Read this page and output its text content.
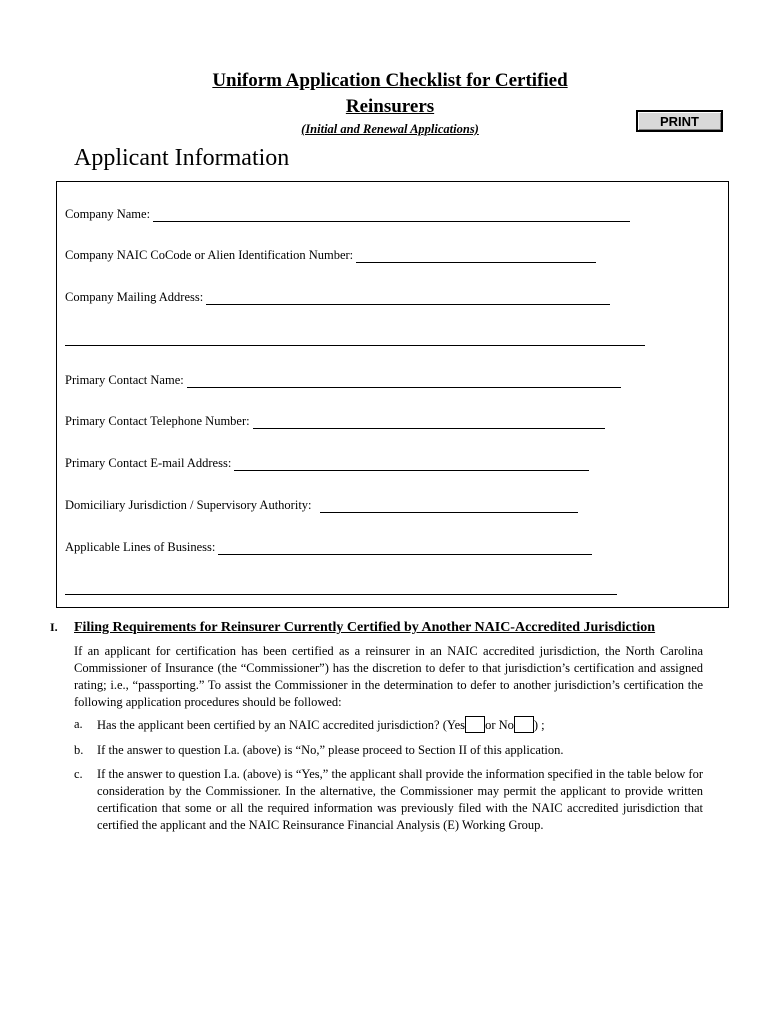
Uniform Application Checklist for Certified
Reinsurers
(Initial and Renewal Applications)
PRINT
Applicant Information
Company Name:
Company NAIC CoCode or Alien Identification Number:
Company Mailing Address:
Primary Contact Name:
Primary Contact Telephone Number:
Primary Contact E-mail Address:
Domiciliary Jurisdiction / Supervisory Authority:
Applicable Lines of Business:
I. Filing Requirements for Reinsurer Currently Certified by Another NAIC-Accredited Jurisdiction
If an applicant for certification has been certified as a reinsurer in an NAIC accredited jurisdiction, the North Carolina Commissioner of Insurance (the “Commissioner”) has the discretion to defer to that jurisdiction’s certification and assigned rating; i.e., “passporting.” To assist the Commissioner in the determination to defer to another jurisdiction’s certification the following application procedures should be followed:
a. Has the applicant been certified by an NAIC accredited jurisdiction? (Yes or No ) ;
b. If the answer to question I.a. (above) is “No,” please proceed to Section II of this application.
c. If the answer to question I.a. (above) is “Yes,” the applicant shall provide the information specified in the table below for consideration by the Commissioner. In the alternative, the Commissioner may permit the applicant to provide written certification that some or all the required information was previously filed with the NAIC accredited jurisdiction that certified the applicant and the NAIC Reinsurance Financial Analysis (E) Working Group.
